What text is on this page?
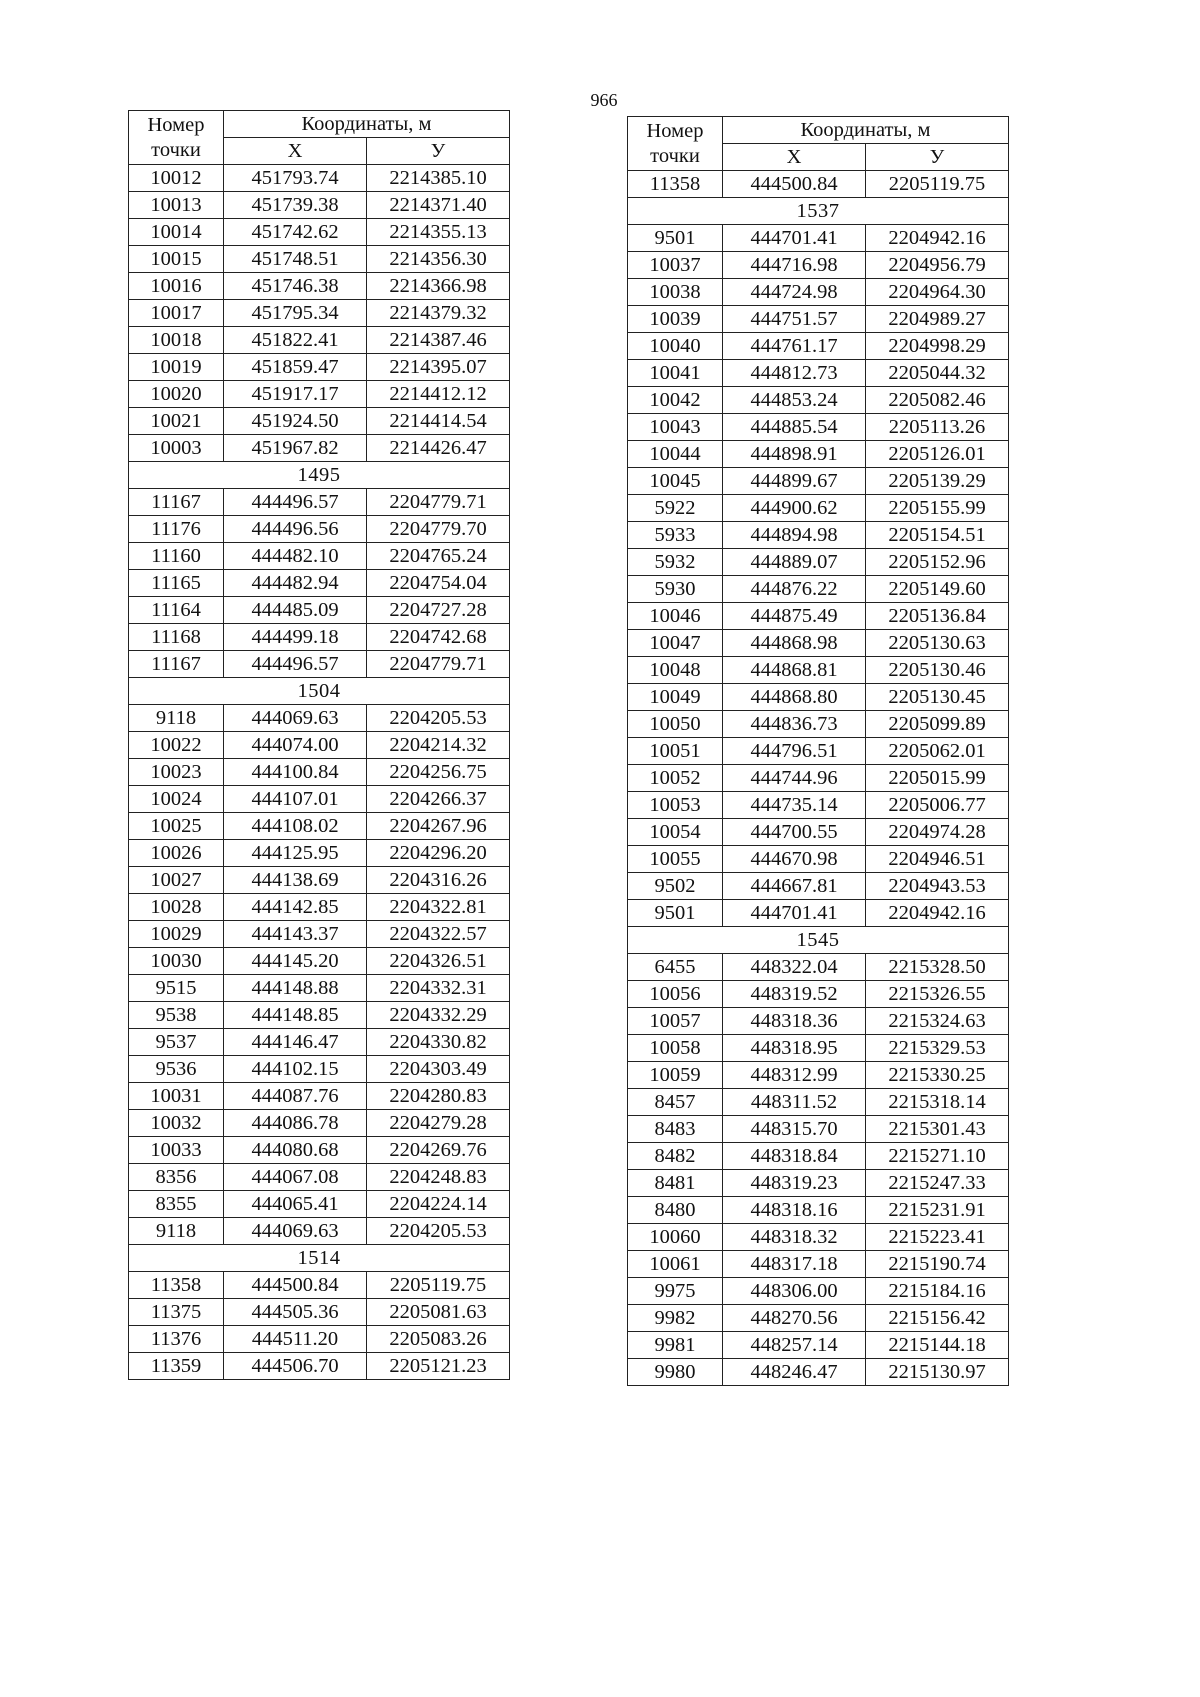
966
Номер
точки	Координаты, м	
	X	У
10012	451793.74	2214385.10
10013	451739.38	2214371.40
10014	451742.62	2214355.13
10015	451748.51	2214356.30
10016	451746.38	2214366.98
10017	451795.34	2214379.32
10018	451822.41	2214387.46
10019	451859.47	2214395.07
10020	451917.17	2214412.12
10021	451924.50	2214414.54
10003	451967.82	2214426.47
1495		
11167	444496.57	2204779.71
11176	444496.56	2204779.70
11160	444482.10	2204765.24
11165	444482.94	2204754.04
11164	444485.09	2204727.28
11168	444499.18	2204742.68
11167	444496.57	2204779.71
1504		
9118	444069.63	2204205.53
10022	444074.00	2204214.32
10023	444100.84	2204256.75
10024	444107.01	2204266.37
10025	444108.02	2204267.96
10026	444125.95	2204296.20
10027	444138.69	2204316.26
10028	444142.85	2204322.81
10029	444143.37	2204322.57
10030	444145.20	2204326.51
9515	444148.88	2204332.31
9538	444148.85	2204332.29
9537	444146.47	2204330.82
9536	444102.15	2204303.49
10031	444087.76	2204280.83
10032	444086.78	2204279.28
10033	444080.68	2204269.76
8356	444067.08	2204248.83
8355	444065.41	2204224.14
9118	444069.63	2204205.53
1514		
11358	444500.84	2205119.75
11375	444505.36	2205081.63
11376	444511.20	2205083.26
11359	444506.70	2205121.23
Номер
точки	Координаты, м	
	X	У
11358	444500.84	2205119.75
1537		
9501	444701.41	2204942.16
10037	444716.98	2204956.79
10038	444724.98	2204964.30
10039	444751.57	2204989.27
10040	444761.17	2204998.29
10041	444812.73	2205044.32
10042	444853.24	2205082.46
10043	444885.54	2205113.26
10044	444898.91	2205126.01
10045	444899.67	2205139.29
5922	444900.62	2205155.99
5933	444894.98	2205154.51
5932	444889.07	2205152.96
5930	444876.22	2205149.60
10046	444875.49	2205136.84
10047	444868.98	2205130.63
10048	444868.81	2205130.46
10049	444868.80	2205130.45
10050	444836.73	2205099.89
10051	444796.51	2205062.01
10052	444744.96	2205015.99
10053	444735.14	2205006.77
10054	444700.55	2204974.28
10055	444670.98	2204946.51
9502	444667.81	2204943.53
9501	444701.41	2204942.16
1545		
6455	448322.04	2215328.50
10056	448319.52	2215326.55
10057	448318.36	2215324.63
10058	448318.95	2215329.53
10059	448312.99	2215330.25
8457	448311.52	2215318.14
8483	448315.70	2215301.43
8482	448318.84	2215271.10
8481	448319.23	2215247.33
8480	448318.16	2215231.91
10060	448318.32	2215223.41
10061	448317.18	2215190.74
9975	448306.00	2215184.16
9982	448270.56	2215156.42
9981	448257.14	2215144.18
9980	448246.47	2215130.97
